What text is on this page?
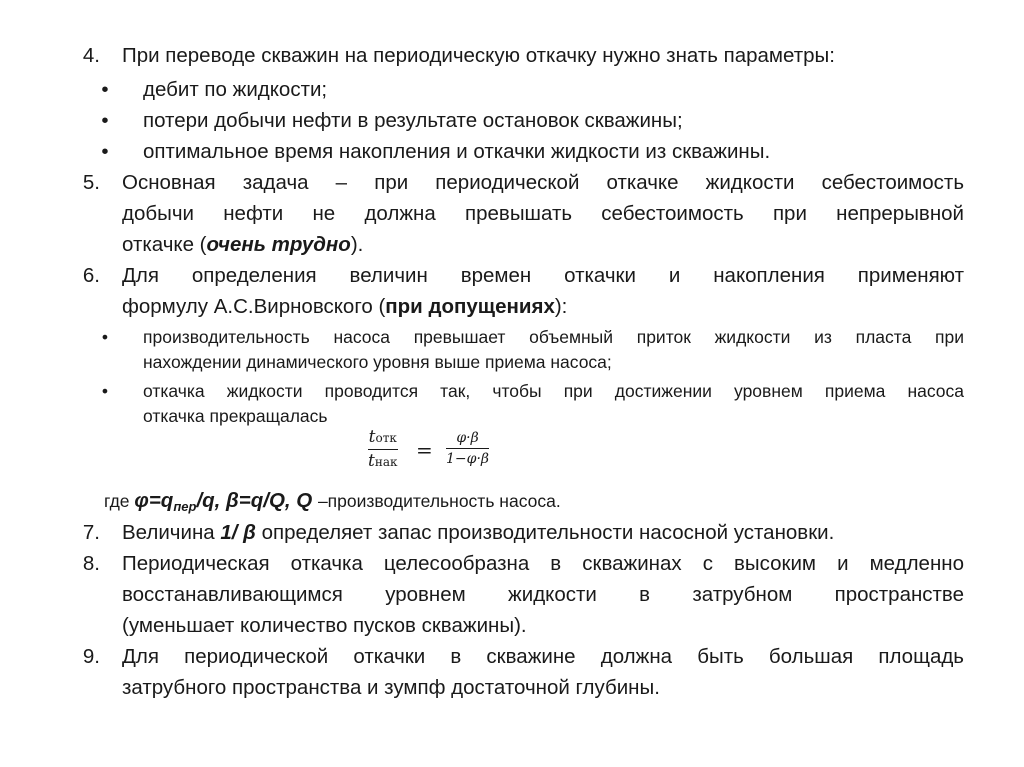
4. При переводе скважин на периодическую откачку нужно знать параметры:
•	дебит по жидкости;
•	потери добычи нефти в результате остановок скважины;
•	оптимальное время накопления и откачки жидкости из скважины.
5. Основная задача – при периодической откачке жидкости себестоимость
добычи нефти не должна превышать себестоимость при непрерывной
откачке (очень трудно).
6. Для определения величин времен откачки и накопления применяют
формулу А.С.Вирновского (при допущениях):
•	производительность насоса превышает объемный приток жидкости из пласта при
нахождении динамического уровня выше приема насоса;
•	откачка жидкости проводится так, чтобы при достижении уровнем приема насоса
откачка прекращалась
tотк
tнак = φ·β
1−φ·β
где $\varphi=q_{пер}/q$, β=q/Q, Q –производительность насоса.
7. Величина 1/ β определяет запас производительности насосной установки.
8. Периодическая откачка целесообразна в скважинах с высоким и медленно
восстанавливающимся уровнем жидкости в затрубном пространстве
(уменьшает количество пусков скважины).
9. Для периодической откачки в скважине должна быть большая площадь
затрубного пространства и зумпф достаточной глубины.
